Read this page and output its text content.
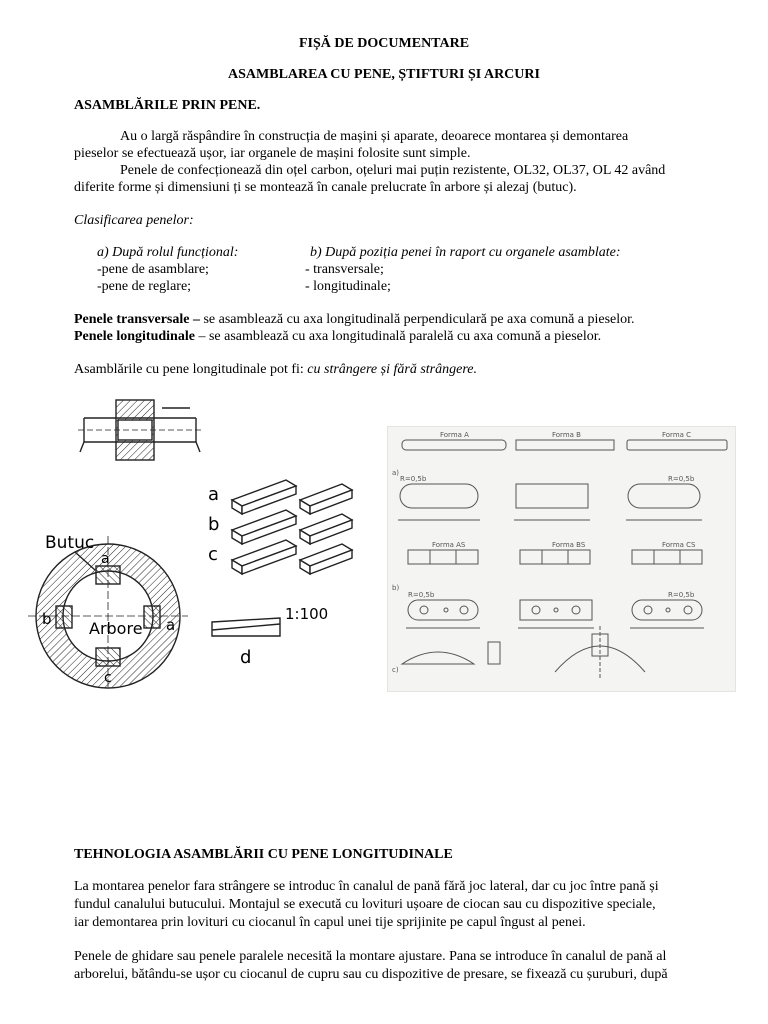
FIȘĂ DE DOCUMENTARE
ASAMBLAREA CU PENE, ȘTIFTURI ȘI ARCURI
ASAMBLĂRILE PRIN PENE.
Au o largă răspândire în construcția de mașini și aparate, deoarece montarea și demontarea
pieselor se efectuează ușor, iar organele de mașini folosite sunt simple.
Penele de confecționează din oțel carbon, oțeluri mai puțin rezistente, OL32, OL37, OL 42 având
diferite forme și dimensiuni ți se montează în canale prelucrate în arbore și alezaj (butuc).
Clasificarea penelor:
a) După rolul funcțional:	b) După poziția penei în raport cu organele asamblate:
-pene de asamblare;	- transversale;
-pene de reglare;	- longitudinale;
Penele transversale – se asamblează cu axa longitudinală perpendiculară pe axa comună a pieselor.
Penele longitudinale – se asamblează cu axa longitudinală paralelă cu axa comună a pieselor.
Asamblările cu pene longitudinale pot fi: cu strângere și fără strângere.
Butuc
Arbore
a
b	a
c
a
b
c
1:100
d
Forma A	Forma B	Forma C
a)
R=0,5b	R=0,5b
Forma AS	Forma BS	Forma CS
b)
R=0,5b	R=0,5b
c)
TEHNOLOGIA ASAMBLĂRII CU PENE LONGITUDINALE
La montarea penelor fara strângere se introduc în canalul de pană fără joc lateral, dar cu joc între pană și
fundul canalului butucului. Montajul se execută cu lovituri ușoare de ciocan sau cu dispozitive speciale,
iar demontarea prin lovituri cu ciocanul în capul unei tije sprijinite pe capul îngust al penei.
Penele de ghidare sau penele paralele necesită la montare ajustare. Pana se introduce în canalul de pană al
arborelui, bătându-se ușor cu ciocanul de cupru sau cu dispozitive de presare, se fixează cu șuruburi, după
